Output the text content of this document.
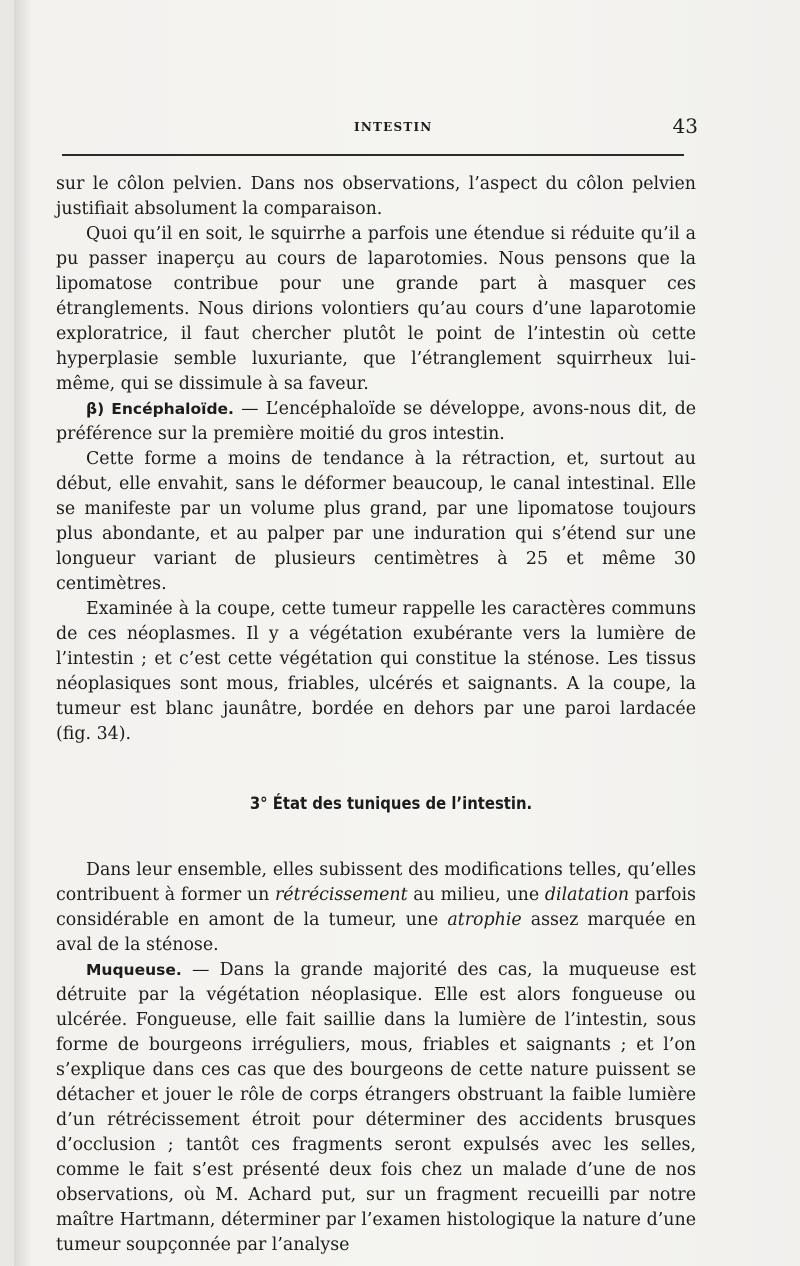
INTESTIN	43

sur le côlon pelvien. Dans nos observations, l’aspect du côlon pelvien justifiait absolument la comparaison.

Quoi qu’il en soit, le squirrhe a parfois une étendue si réduite qu’il a pu passer inaperçu au cours de laparotomies. Nous pensons que la lipomatose contribue pour une grande part à masquer ces étranglements. Nous dirions volontiers qu’au cours d’une laparotomie exploratrice, il faut chercher plutôt le point de l’intestin où cette hyperplasie semble luxuriante, que l’étranglement squirrheux lui-même, qui se dissimule à sa faveur.

β) Encéphaloïde. — L’encéphaloïde se développe, avons-nous dit, de préférence sur la première moitié du gros intestin.

Cette forme a moins de tendance à la rétraction, et, surtout au début, elle envahit, sans le déformer beaucoup, le canal intestinal. Elle se manifeste par un volume plus grand, par une lipomatose toujours plus abondante, et au palper par une induration qui s’étend sur une longueur variant de plusieurs centimètres à 25 et même 30 centimètres.

Examinée à la coupe, cette tumeur rappelle les caractères communs de ces néoplasmes. Il y a végétation exubérante vers la lumière de l’intestin ; et c’est cette végétation qui constitue la sténose. Les tissus néoplasiques sont mous, friables, ulcérés et saignants. A la coupe, la tumeur est blanc jaunâtre, bordée en dehors par une paroi lardacée (fig. 34).

3° État des tuniques de l’intestin.

Dans leur ensemble, elles subissent des modifications telles, qu’elles contribuent à former un rétrécissement au milieu, une dilatation parfois considérable en amont de la tumeur, une atrophie assez marquée en aval de la sténose.

Muqueuse. — Dans la grande majorité des cas, la muqueuse est détruite par la végétation néoplasique. Elle est alors fongueuse ou ulcérée. Fongueuse, elle fait saillie dans la lumière de l’intestin, sous forme de bourgeons irréguliers, mous, friables et saignants ; et l’on s’explique dans ces cas que des bourgeons de cette nature puissent se détacher et jouer le rôle de corps étrangers obstruant la faible lumière d’un rétrécissement étroit pour déterminer des accidents brusques d’occlusion ; tantôt ces fragments seront expulsés avec les selles, comme le fait s’est présenté deux fois chez un malade d’une de nos observations, où M. Achard put, sur un fragment recueilli par notre maître Hartmann, déterminer par l’examen histologique la nature d’une tumeur soupçonnée par l’analyse
